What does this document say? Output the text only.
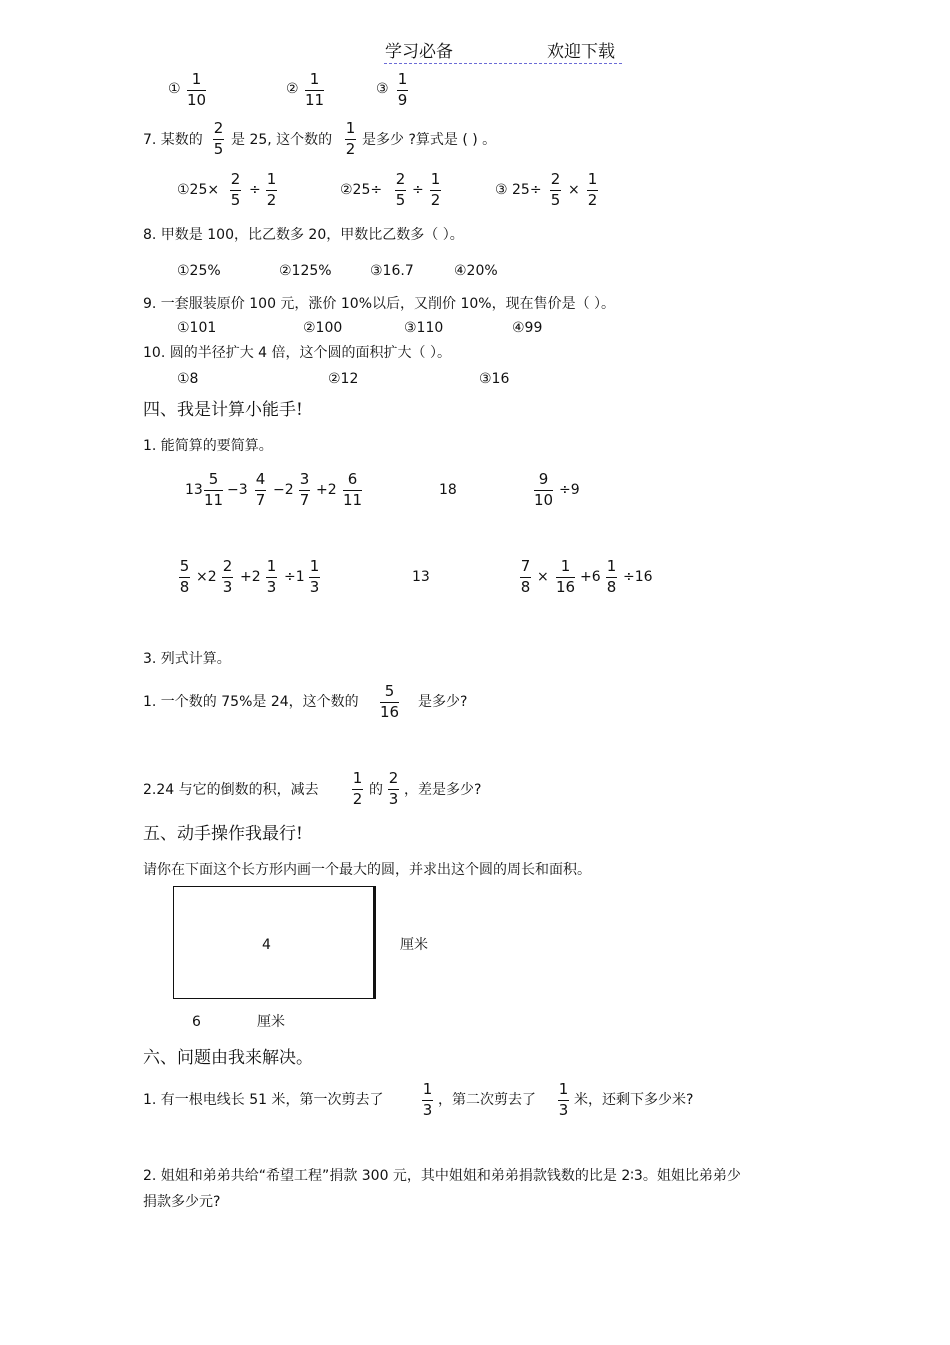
学习必备	欢迎下载
①
1
10
②
1
11
③
1
9
7. 某数的
2
5 是 25, 这个数的
1
2 是多少 ?算式是 ( ) 。
①25×
2
5
÷
1
2
②25÷
2
5
÷
1
2
③ 25÷
2
5
×
1
2
8. 甲数是 100，比乙数多 20，甲数比乙数多（ ）。
①25%	②125%	③16.7	④20%
9. 一套服装原价 100 元，涨价 10%以后，又削价 10%，现在售价是（ ）。
①101	②100	③110	④99
10. 圆的半径扩大 4 倍，这个圆的面积扩大（ ）。
①8	②12	③16
四、我是计算小能手!
1. 能简算的要简算。
13
5
11
−3
4
7
−2
3
7
+2
6
11
18
9
10
÷9
5
8
×2
2
3
+2
1
3
÷1
1
3
13
7
8
×
1
16
+6
1
8
÷16
3. 列式计算。
1. 一个数的 75%是 24，这个数的
5
16
是多少?
2.24 与它的倒数的积，减去
1
2 的
2
3 ，差是多少?
五、动手操作我最行!
请你在下面这个长方形内画一个最大的圆，并求出这个圆的周长和面积。
4	厘米
6	厘米
六、问题由我来解决。
1. 有一根电线长 51 米，第一次剪去了
1
3
，第二次剪去了
1
3
米，还剩下多少米?
2. 姐姐和弟弟共给“希望工程”捐款 300 元，其中姐姐和弟弟捐款钱数的比是 2∶3。姐姐比弟弟少
捐款多少元?
